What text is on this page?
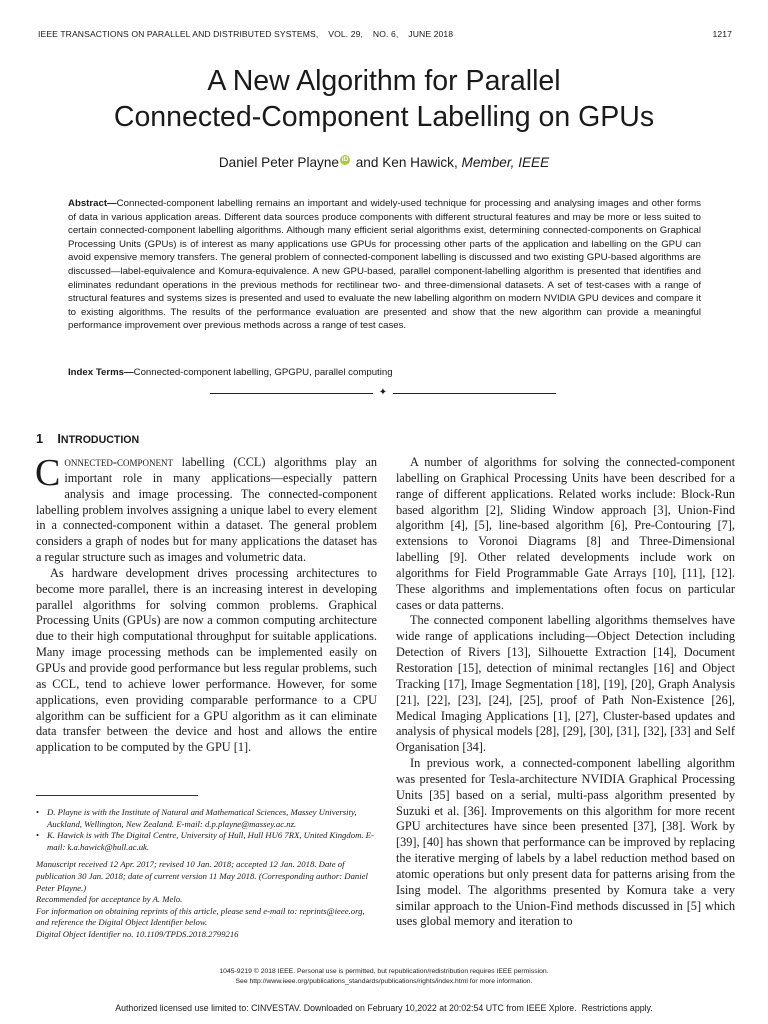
IEEE TRANSACTIONS ON PARALLEL AND DISTRIBUTED SYSTEMS,    VOL. 29,    NO. 6,    JUNE 2018	1217
A New Algorithm for Parallel
Connected-Component Labelling on GPUs
Daniel Peter Playne iD and Ken Hawick, Member, IEEE

Abstract—Connected-component labelling remains an important and widely-used technique for processing and analysing images and other forms of data in various application areas. Different data sources produce components with different structural features and may be more or less suited to certain connected-component labelling algorithms. Although many efficient serial algorithms exist, determining connected-components on Graphical Processing Units (GPUs) is of interest as many applications use GPUs for processing other parts of the application and labelling on the GPU can avoid expensive memory transfers. The general problem of connected-component labelling is discussed and two existing GPU-based algorithms are discussed—label-equivalence and Komura-equivalence. A new GPU-based, parallel component-labelling algorithm is presented that identifies and eliminates redundant operations in the previous methods for rectilinear two- and three-dimensional datasets. A set of test-cases with a range of structural features and systems sizes is presented and used to evaluate the new labelling algorithm on modern NVIDIA GPU devices and compare it to existing algorithms. The results of the performance evaluation are presented and show that the new algorithm can provide a meaningful performance improvement over previous methods across a range of test cases.

Index Terms—Connected-component labelling, GPGPU, parallel computing

✦
1 INTRODUCTION

Connected-component labelling (CCL) algorithms play an important role in many applications—especially pattern analysis and image processing. The connected-component labelling problem involves assigning a unique label to every element in a connected-component within a dataset. The general problem considers a graph of nodes but for many applications the dataset has a regular structure such as images and volumetric data.

As hardware development drives processing architectures to become more parallel, there is an increasing interest in developing parallel algorithms for solving common problems. Graphical Processing Units (GPUs) are now a common computing architecture due to their high computational throughput for suitable applications. Many image processing methods can be implemented easily on GPUs and provide good performance but less regular problems, such as CCL, tend to achieve lower performance. However, for some applications, even providing comparable performance to a CPU algorithm can be sufficient for a GPU algorithm as it can eliminate data transfer between the device and host and allows the entire application to be computed by the GPU [1].

A number of algorithms for solving the connected-component labelling on Graphical Processing Units have been described for a range of different applications. Related works include: Block-Run based algorithm [2], Sliding Window approach [3], Union-Find algorithm [4], [5], line-based algorithm [6], Pre-Contouring [7], extensions to Voronoi Diagrams [8] and Three-Dimensional labelling [9]. Other related developments include work on algorithms for Field Programmable Gate Arrays [10], [11], [12]. These algorithms and implementations often focus on particular cases or data patterns.

The connected component labelling algorithms themselves have wide range of applications including—Object Detection including Detection of Rivers [13], Silhouette Extraction [14], Document Restoration [15], detection of minimal rectangles [16] and Object Tracking [17], Image Segmentation [18], [19], [20], Graph Analysis [21], [22], [23], [24], [25], proof of Path Non-Existence [26], Medical Imaging Applications [1], [27], Cluster-based updates and analysis of physical models [28], [29], [30], [31], [32], [33] and Self Organisation [34].

In previous work, a connected-component labelling algorithm was presented for Tesla-architecture NVIDIA Graphical Processing Units [35] based on a serial, multi-pass algorithm presented by Suzuki et al. [36]. Improvements on this algorithm for more recent GPU architectures have since been presented [37], [38]. Work by [39], [40] has shown that performance can be improved by replacing the iterative merging of labels by a label reduction method based on atomic operations but only present data for patterns arising from the Ising model. The algorithms presented by Komura take a very similar approach to the Union-Find methods discussed in [5] which uses global memory and iteration to

• D. Playne is with the Institute of Natural and Mathematical Sciences, Massey University, Auckland, Wellington, New Zealand. E-mail: d.p.playne@massey.ac.nz.

• K. Hawick is with The Digital Centre, University of Hull, Hull HU6 7RX, United Kingdom. E-mail: k.a.hawick@hull.ac.uk.

Manuscript received 12 Apr. 2017; revised 10 Jan. 2018; accepted 12 Jan. 2018. Date of publication 30 Jan. 2018; date of current version 11 May 2018. (Corresponding author: Daniel Peter Playne.)

Recommended for acceptance by A. Melo.

For information on obtaining reprints of this article, please send e-mail to: reprints@ieee.org, and reference the Digital Object Identifier below.

Digital Object Identifier no. 10.1109/TPDS.2018.2799216

1045-9219 © 2018 IEEE. Personal use is permitted, but republication/redistribution requires IEEE permission.
See http://www.ieee.org/publications_standards/publications/rights/index.html for more information.
Authorized licensed use limited to: CINVESTAV. Downloaded on February 10,2022 at 20:02:54 UTC from IEEE Xplore.  Restrictions apply.
